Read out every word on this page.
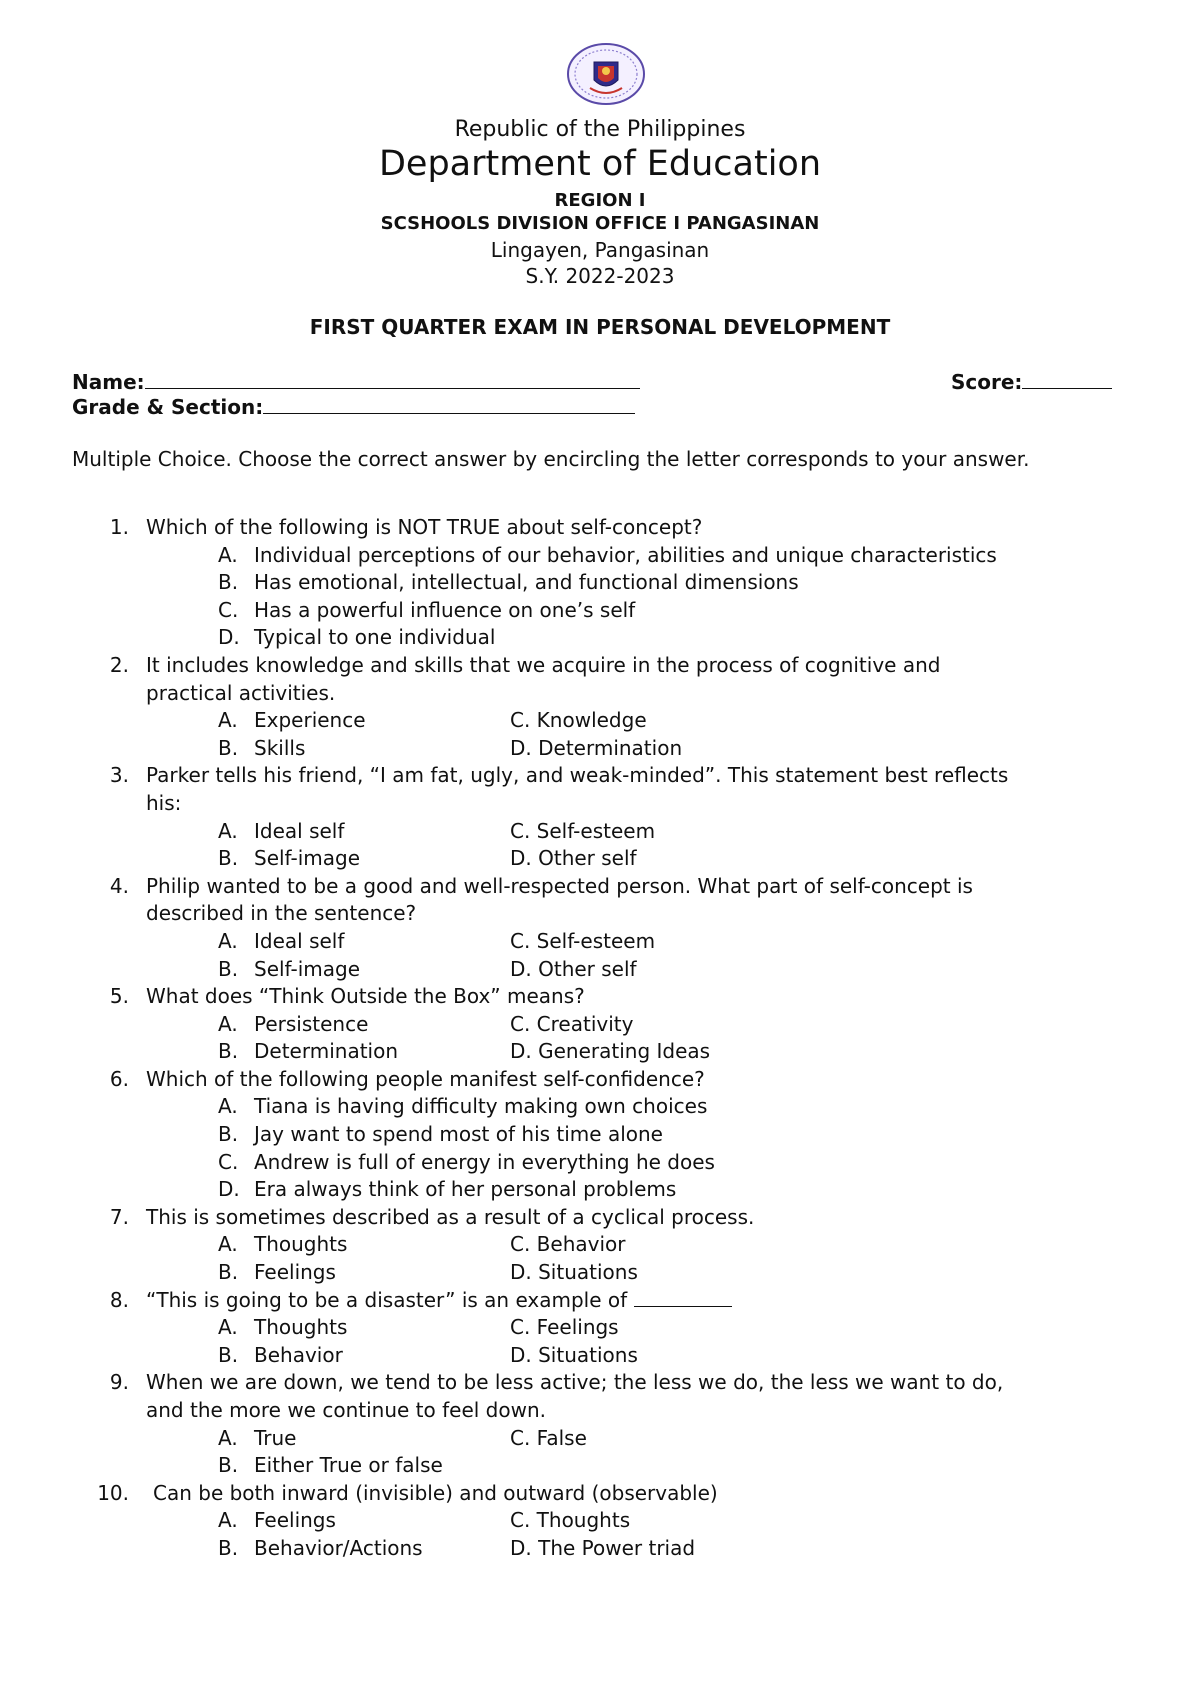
Republic of the Philippines
Department of Education
REGION I
SCSHOOLS DIVISION OFFICE I PANGASINAN
Lingayen, Pangasinan
S.Y. 2022-2023
FIRST QUARTER EXAM IN PERSONAL DEVELOPMENT
Name:
Grade & Section:
Score:
Multiple Choice. Choose the correct answer by encircling the letter corresponds to your answer.
1. Which of the following is NOT TRUE about self-concept?
A. Individual perceptions of our behavior, abilities and unique characteristics
B. Has emotional, intellectual, and functional dimensions
C. Has a powerful influence on one’s self
D. Typical to one individual
2. It includes knowledge and skills that we acquire in the process of cognitive and
practical activities.
A. Experience	C. Knowledge
B. Skills	D. Determination
3. Parker tells his friend, “I am fat, ugly, and weak-minded”. This statement best reflects
his:
A. Ideal self	C. Self-esteem
B. Self-image	D. Other self
4. Philip wanted to be a good and well-respected person. What part of self-concept is
described in the sentence?
A. Ideal self	C. Self-esteem
B. Self-image	D. Other self
5. What does “Think Outside the Box” means?
A. Persistence	C. Creativity
B. Determination	D. Generating Ideas
6. Which of the following people manifest self-confidence?
A. Tiana is having difficulty making own choices
B. Jay want to spend most of his time alone
C. Andrew is full of energy in everything he does
D. Era always think of her personal problems
7. This is sometimes described as a result of a cyclical process.
A. Thoughts	C. Behavior
B. Feelings	D. Situations
8. “This is going to be a disaster” is an example of
A. Thoughts	C. Feelings
B. Behavior	D. Situations
9. When we are down, we tend to be less active; the less we do, the less we want to do,
and the more we continue to feel down.
A. True	C. False
B. Either True or false
10. Can be both inward (invisible) and outward (observable)
A. Feelings	C. Thoughts
B. Behavior/Actions	D. The Power triad
